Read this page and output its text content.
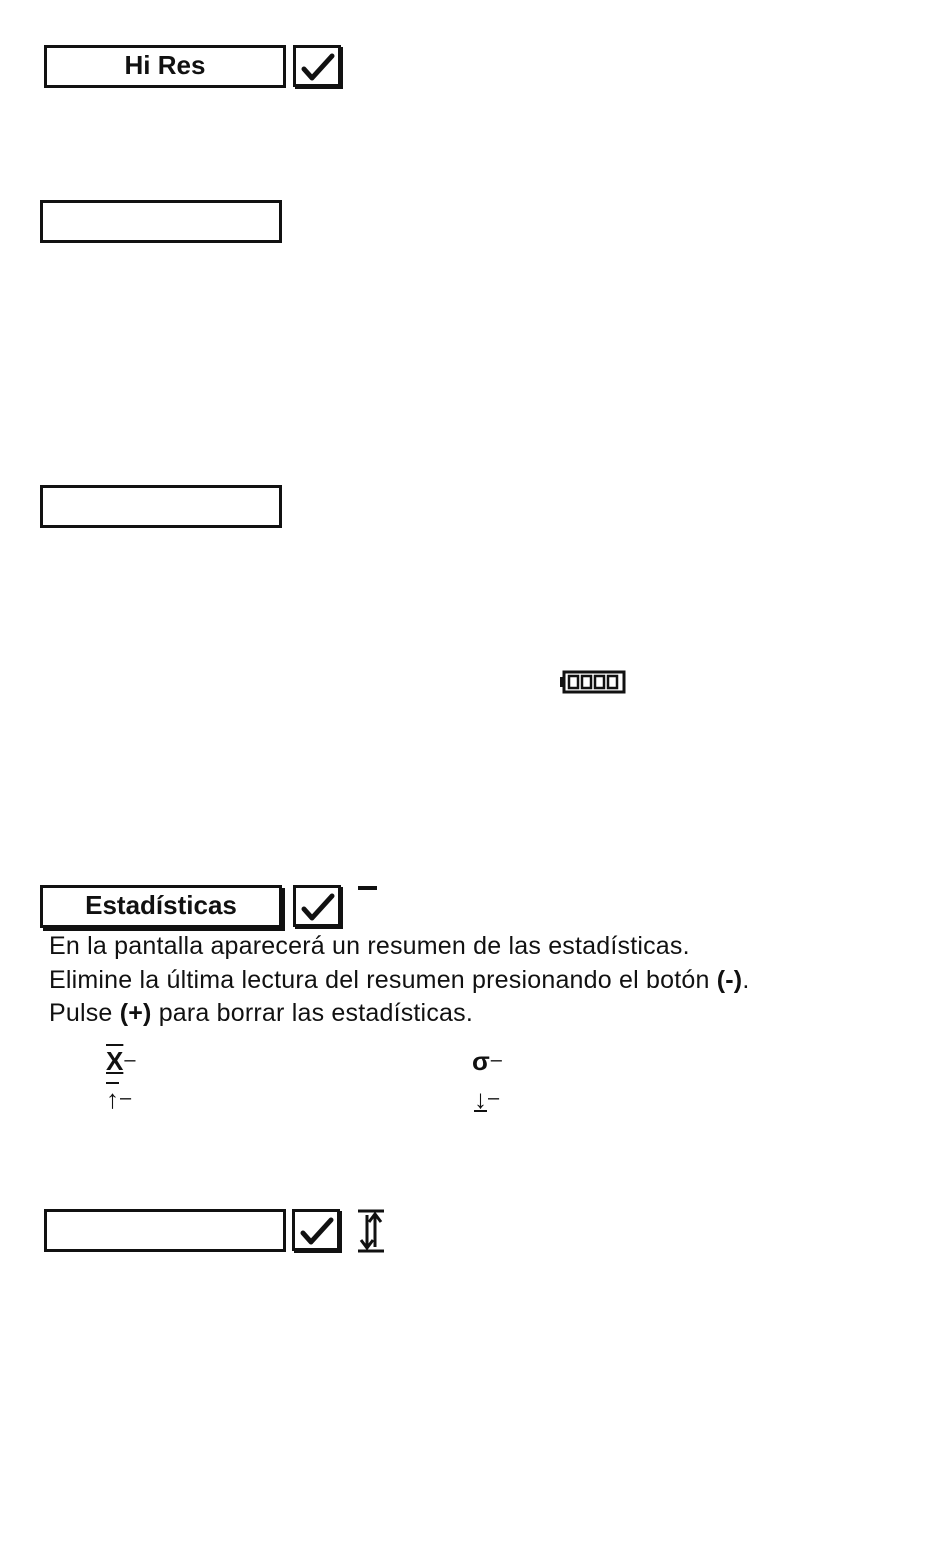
Hi Res
Estadísticas
En la pantalla aparecerá un resumen de las estadísticas.
Elimine la última lectura del resumen presionando el botón (-).
Pulse (+) para borrar las estadísticas.
X–	σ–
↑–	↓–
